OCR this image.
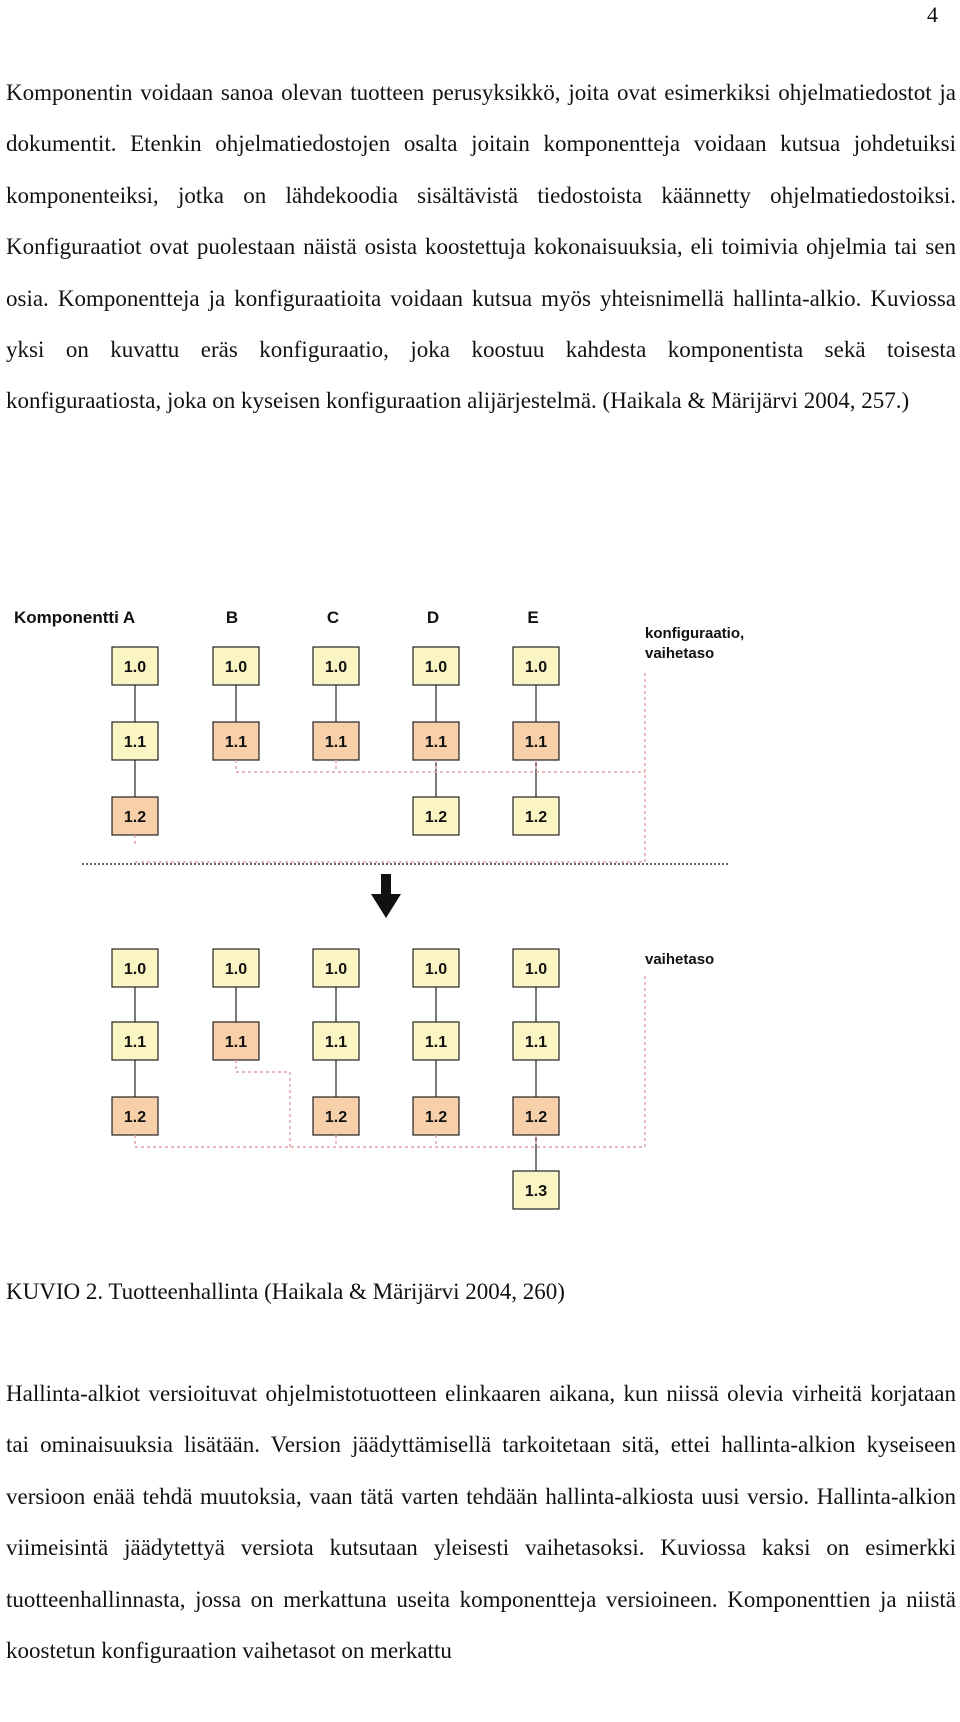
4

Komponentin voidaan sanoa olevan tuotteen perusyksikkö, joita ovat esimerkiksi ohjelmatiedostot ja dokumentit. Etenkin ohjelmatiedostojen osalta joitain komponentteja voidaan kutsua johdetuiksi komponenteiksi, jotka on lähdekoodia sisältävistä tiedostoista käännetty ohjelmatiedostoiksi. Konfiguraatiot ovat puolestaan näistä osista koostettuja kokonaisuuksia, eli toimivia ohjelmia tai sen osia. Komponentteja ja konfiguraatioita voidaan kutsua myös yhteisnimellä hallinta-alkio. Kuviossa yksi on kuvattu eräs konfiguraatio, joka koostuu kahdesta komponentista sekä toisesta konfiguraatiosta, joka on kyseisen konfiguraation alijärjestelmä. (Haikala & Märijärvi 2004, 257.)

1.0
1.1
1.2
1.0
1.1
1.0
1.1
1.0
1.1
1.2
1.0
1.1
1.2
1.0
1.1
1.2
1.0
1.1
1.0
1.1
1.2
1.0
1.1
1.2
1.0
1.1
1.2
1.3
Komponentti A	B	C	D	E
konfiguraatio,
vaihetaso
vaihetaso

KUVIO 2. Tuotteenhallinta (Haikala & Märijärvi 2004, 260)

Hallinta-alkiot versioituvat ohjelmistotuotteen elinkaaren aikana, kun niissä olevia virheitä korjataan tai ominaisuuksia lisätään. Version jäädyttämisellä tarkoitetaan sitä, ettei hallinta-alkion kyseiseen versioon enää tehdä muutoksia, vaan tätä varten tehdään hallinta-alkiosta uusi versio. Hallinta-alkion viimeisintä jäädytettyä versiota kutsutaan yleisesti vaihetasoksi. Kuviossa kaksi on esimerkki tuotteenhallinnasta, jossa on merkattuna useita komponentteja versioineen. Komponenttien ja niistä koostetun konfiguraation vaihetasot on merkattu
